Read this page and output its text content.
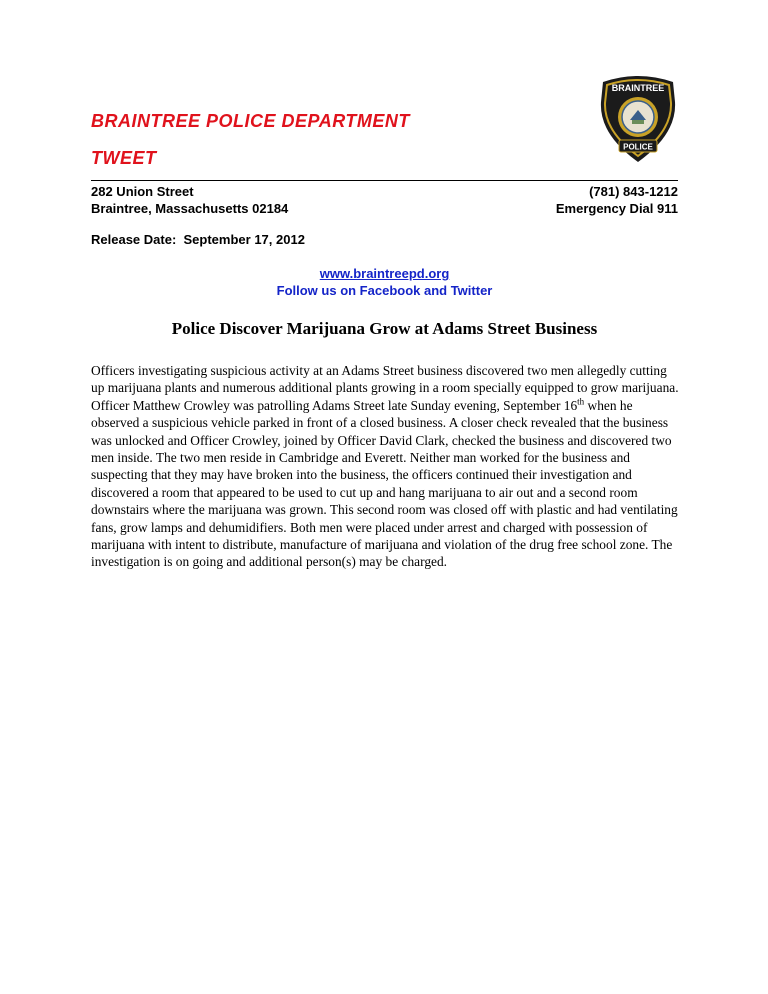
BRAINTREE POLICE DEPARTMENT
TWEET
BRAINTREE
POLICE
282 Union Street
Braintree, Massachusetts 02184
(781) 843-1212
Emergency Dial 911
Release Date: September 17, 2012
www.braintreepd.org
Follow us on Facebook and Twitter
Police Discover Marijuana Grow at Adams Street Business
Officers investigating suspicious activity at an Adams Street business discovered two men allegedly cutting up marijuana plants and numerous additional plants growing in a room specially equipped to grow marijuana. Officer Matthew Crowley was patrolling Adams Street late Sunday evening, September 16th when he observed a suspicious vehicle parked in front of a closed business. A closer check revealed that the business was unlocked and Officer Crowley, joined by Officer David Clark, checked the business and discovered two men inside. The two men reside in Cambridge and Everett. Neither man worked for the business and suspecting that they may have broken into the business, the officers continued their investigation and discovered a room that appeared to be used to cut up and hang marijuana to air out and a second room downstairs where the marijuana was grown. This second room was closed off with plastic and had ventilating fans, grow lamps and dehumidifiers. Both men were placed under arrest and charged with possession of marijuana with intent to distribute, manufacture of marijuana and violation of the drug free school zone. The investigation is on going and additional person(s) may be charged.
